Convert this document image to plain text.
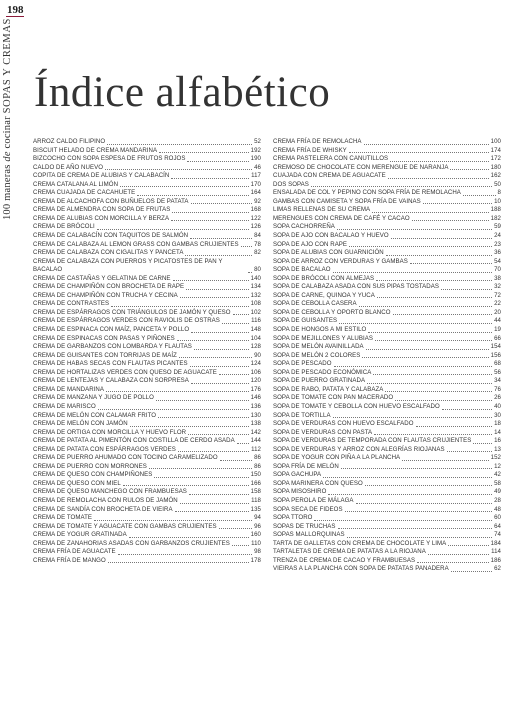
198
100 maneras de cocinar SOPAS Y CREMAS Índice alfabético
ARROZ CALDO FILIPINO	52
BISCUIT HELADO DE CREMA MANDARINA	192
BIZCOCHO CON SOPA ESPESA DE FRUTOS ROJOS	190
CALDO DE AÑO NUEVO	46
COPITA DE CREMA DE ALUBIAS Y CALABACÍN	117
CREMA CATALANA AL LIMÓN	170
CREMA CUAJADA DE CACAHUETE	164
CREMA DE ALCACHOFA CON BUÑUELOS DE PATATA	92
CREMA DE ALMENDRA CON SOPA DE FRUTAS	168
CREMA DE ALUBIAS CON MORCILLA Y BERZA	122
CREMA DE BRÓCOLI	126
CREMA DE CALABACÍN CON TAQUITOS DE SALMÓN	84
CREMA DE CALABAZA AL LEMON GRASS CON GAMBAS CRUJIENTES	78
CREMA DE CALABAZA CON CIGALITAS Y PANCETA	82
CREMA DE CALABAZA CON PUERROS Y PICATOSTES DE PAN Y BACALAO	80
CREMA DE CASTAÑAS Y GELATINA DE CARNE	140
CREMA DE CHAMPIÑÓN CON BROCHETA DE RAPE	134
CREMA DE CHAMPIÑÓN CON TRUCHA Y CECINA	132
CREMA DE CONTRASTES	108
CREMA DE ESPÁRRAGOS CON TRIÁNGULOS DE JAMÓN Y QUESO	102
CREMA DE ESPÁRRAGOS VERDES CON RAVIOLIS DE OSTRAS	116
CREMA DE ESPINACA CON MAÍZ, PANCETA Y POLLO	148
CREMA DE ESPINACAS CON PASAS Y PIÑONES	104
CREMA DE GARBANZOS CON LOMBARDA Y FLAUTAS	128
CREMA DE GUISANTES CON TORRIJAS DE MAÍZ	90
CREMA DE HABAS SECAS CON FLAUTAS PICANTES	124
CREMA DE HORTALIZAS VERDES CON QUESO DE AGUACATE	106
CREMA DE LENTEJAS Y CALABAZA CON SORPRESA	120
CREMA DE MANDARINA	176
CREMA DE MANZANA Y JUGO DE POLLO	146
CREMA DE MARISCO	136
CREMA DE MELÓN CON CALAMAR FRITO	130
CREMA DE MELÓN CON JAMÓN	138
CREMA DE ORTIGA CON MORCILLA Y HUEVO FLOR	142
CREMA DE PATATA AL PIMENTÓN CON COSTILLA DE CERDO ASADA	144
CREMA DE PATATA CON ESPÁRRAGOS VERDES	112
CREMA DE PUERRO AHUMADO CON TOCINO CARAMELIZADO	86
CREMA DE PUERRO CON MORRONES	86
CREMA DE QUESO CON CHAMPIÑONES	150
CREMA DE QUESO CON MIEL	166
CREMA DE QUESO MANCHEGO CON FRAMBUESAS	158
CREMA DE REMOLACHA CON RULOS DE JAMÓN	118
CREMA DE SANDÍA CON BROCHETA DE VIEIRA	135
CREMA DE TOMATE	94
CREMA DE TOMATE Y AGUACATE CON GAMBAS CRUJIENTES	96
CREMA DE YOGUR GRATINADA	160
CREMA DE ZANAHORIAS ASADAS CON GARBANZOS CRUJIENTES	110
CREMA FRÍA DE AGUACATE	98
CREMA FRÍA DE MANGO	178
CREMA FRÍA DE REMOLACHA	100
CREMA FRÍA DE WHISKY	174
CREMA PASTELERA CON CANUTILLOS	172
CREMOSO DE CHOCOLATE CON MERENGUE DE NARANJA	180
CUAJADA CON CREMA DE AGUACATE	162
DOS SOPAS	50
ENSALADA DE COL Y PEPINO CON SOPA FRÍA DE REMOLACHA	8
GAMBAS CON CAMISETA Y SOPA FRÍA DE VAINAS	10
LIMAS RELLENAS DE SU CREMA	188
MERENGUES CON CREMA DE CAFÉ Y CACAO	182
SOPA CACHORREÑA	59
SOPA DE AJO CON BACALAO Y HUEVO	24
SOPA DE AJO CON RAPE	23
SOPA DE ALUBIAS CON GUARNICIÓN	36
SOPA DE ARROZ CON VERDURAS Y GAMBAS	54
SOPA DE BACALAO	70
SOPA DE BRÓCOLI CON ALMEJAS	38
SOPA DE CALABAZA ASADA CON SUS PIPAS TOSTADAS	32
SOPA DE CARNE, QUINOA Y YUCA	72
SOPA DE CEBOLLA CASERA	22
SOPA DE CEBOLLA Y OPORTO BLANCO	20
SOPA DE GUISANTES	44
SOPA DE HONGOS A MI ESTILO	19
SOPA DE MEJILLONES Y ALUBIAS	66
SOPA DE MELÓN AVAINILLADA	154
SOPA DE MELÓN 2 COLORES	156
SOPA DE PESCADO	68
SOPA DE PESCADO ECONÓMICA	56
SOPA DE PUERRO GRATINADA	34
SOPA DE RABO, PATATA Y CALABAZA	76
SOPA DE TOMATE CON PAN MACERADO	26
SOPA DE TOMATE Y CEBOLLA CON HUEVO ESCALFADO	40
SOPA DE TORTILLA	30
SOPA DE VERDURAS CON HUEVO ESCALFADO	18
SOPA DE VERDURAS CON PASTA	14
SOPA DE VERDURAS DE TEMPORADA CON FLAUTAS CRUJIENTES	16
SOPA DE VERDURAS Y ARROZ CON ALEGRÍAS RIOJANAS	13
SOPA DE YOGUR CON PIÑA A LA PLANCHA	152
SOPA FRÍA DE MELÓN	12
SOPA GACHUPA	42
SOPA MARINERA CON QUESO	58
SOPA MISOSHIRO	49
SOPA PEROLA DE MÁLAGA	28
SOPA SECA DE FIDEOS	48
SOPA TTORO	60
SOPAS DE TRUCHAS	64
SOPAS MALLORQUINAS	74
TARTA DE GALLETAS CON CREMA DE CHOCOLATE Y LIMA	184
TARTALETAS DE CREMA DE PATATAS A LA RIOJANA	114
TRENZA DE CREMA DE CACAO Y FRAMBUESAS	186
VIEIRAS A LA PLANCHA CON SOPA DE PATATAS PANADERA	62
